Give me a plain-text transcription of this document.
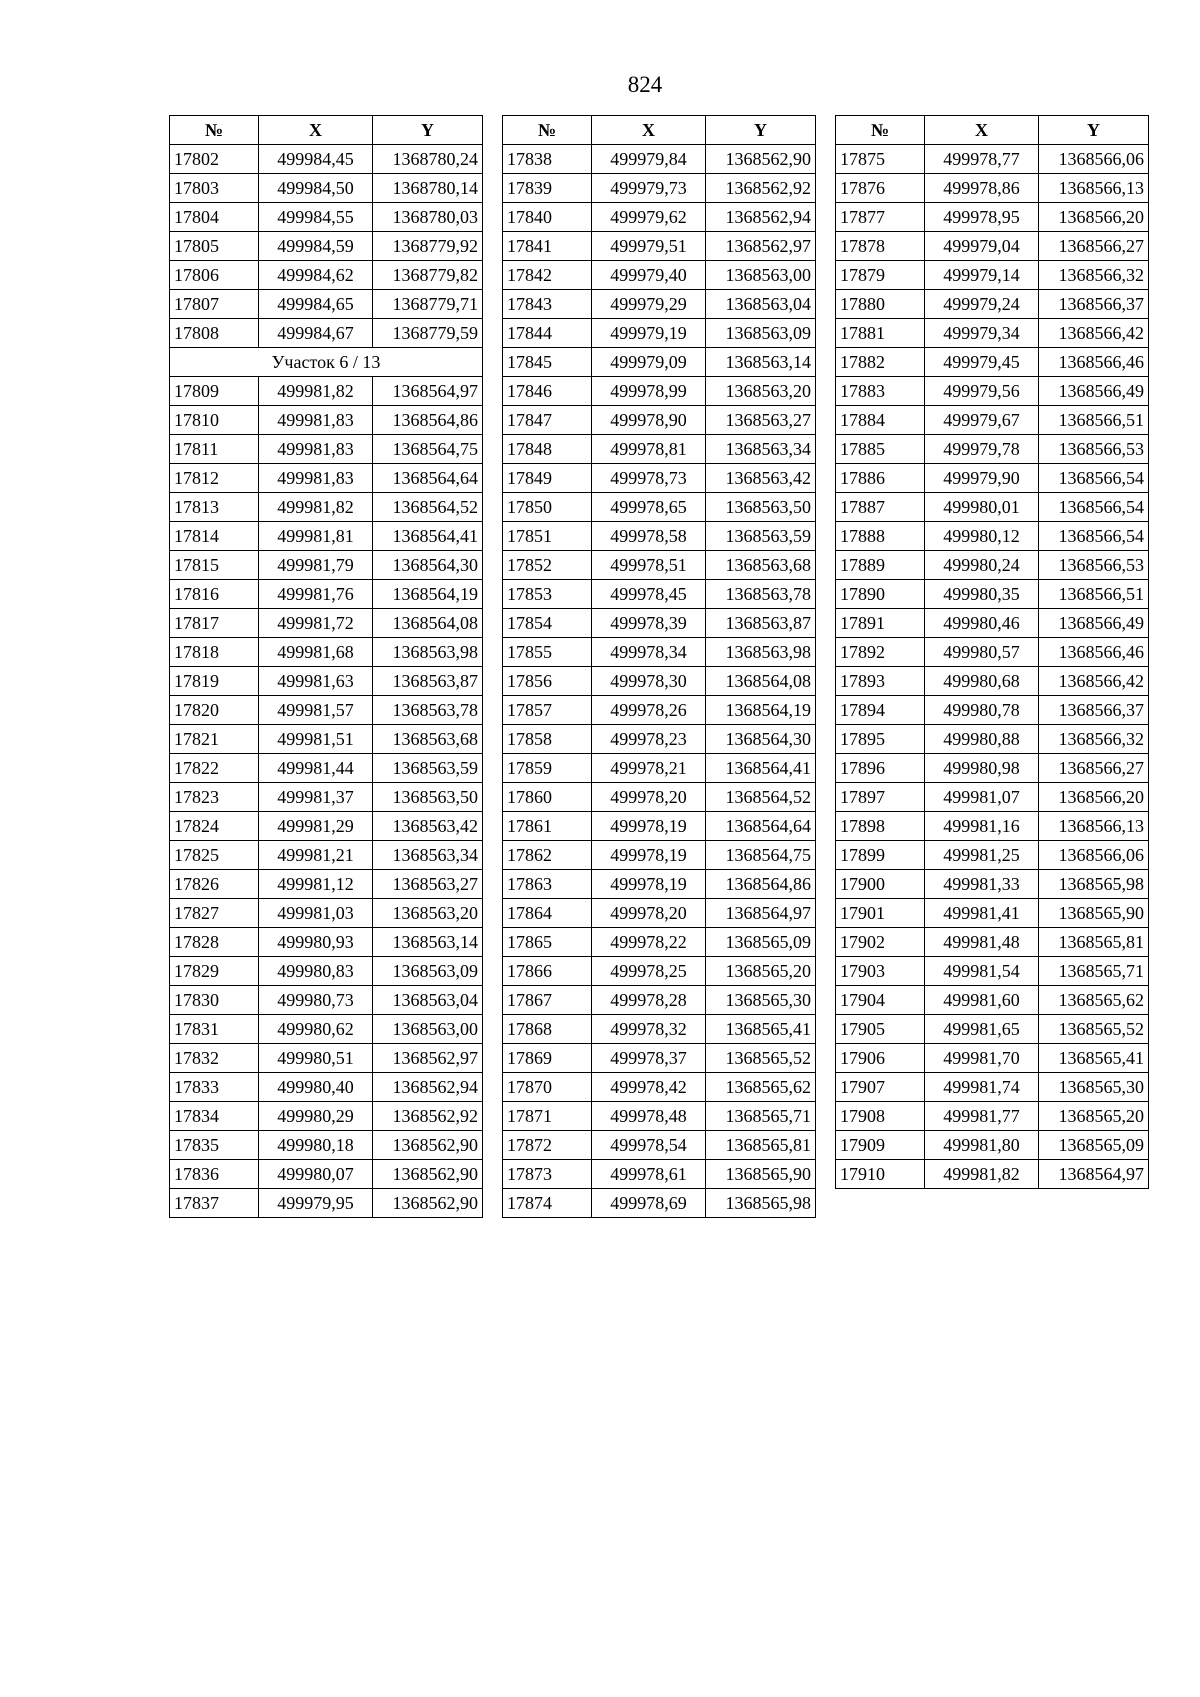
824
№	X	Y
17802	499984,45	1368780,24
17803	499984,50	1368780,14
17804	499984,55	1368780,03
17805	499984,59	1368779,92
17806	499984,62	1368779,82
17807	499984,65	1368779,71
17808	499984,67	1368779,59
Участок 6 / 13		
17809	499981,82	1368564,97
17810	499981,83	1368564,86
17811	499981,83	1368564,75
17812	499981,83	1368564,64
17813	499981,82	1368564,52
17814	499981,81	1368564,41
17815	499981,79	1368564,30
17816	499981,76	1368564,19
17817	499981,72	1368564,08
17818	499981,68	1368563,98
17819	499981,63	1368563,87
17820	499981,57	1368563,78
17821	499981,51	1368563,68
17822	499981,44	1368563,59
17823	499981,37	1368563,50
17824	499981,29	1368563,42
17825	499981,21	1368563,34
17826	499981,12	1368563,27
17827	499981,03	1368563,20
17828	499980,93	1368563,14
17829	499980,83	1368563,09
17830	499980,73	1368563,04
17831	499980,62	1368563,00
17832	499980,51	1368562,97
17833	499980,40	1368562,94
17834	499980,29	1368562,92
17835	499980,18	1368562,90
17836	499980,07	1368562,90
17837	499979,95	1368562,90
№	X	Y
17838	499979,84	1368562,90
17839	499979,73	1368562,92
17840	499979,62	1368562,94
17841	499979,51	1368562,97
17842	499979,40	1368563,00
17843	499979,29	1368563,04
17844	499979,19	1368563,09
17845	499979,09	1368563,14
17846	499978,99	1368563,20
17847	499978,90	1368563,27
17848	499978,81	1368563,34
17849	499978,73	1368563,42
17850	499978,65	1368563,50
17851	499978,58	1368563,59
17852	499978,51	1368563,68
17853	499978,45	1368563,78
17854	499978,39	1368563,87
17855	499978,34	1368563,98
17856	499978,30	1368564,08
17857	499978,26	1368564,19
17858	499978,23	1368564,30
17859	499978,21	1368564,41
17860	499978,20	1368564,52
17861	499978,19	1368564,64
17862	499978,19	1368564,75
17863	499978,19	1368564,86
17864	499978,20	1368564,97
17865	499978,22	1368565,09
17866	499978,25	1368565,20
17867	499978,28	1368565,30
17868	499978,32	1368565,41
17869	499978,37	1368565,52
17870	499978,42	1368565,62
17871	499978,48	1368565,71
17872	499978,54	1368565,81
17873	499978,61	1368565,90
17874	499978,69	1368565,98
№	X	Y
17875	499978,77	1368566,06
17876	499978,86	1368566,13
17877	499978,95	1368566,20
17878	499979,04	1368566,27
17879	499979,14	1368566,32
17880	499979,24	1368566,37
17881	499979,34	1368566,42
17882	499979,45	1368566,46
17883	499979,56	1368566,49
17884	499979,67	1368566,51
17885	499979,78	1368566,53
17886	499979,90	1368566,54
17887	499980,01	1368566,54
17888	499980,12	1368566,54
17889	499980,24	1368566,53
17890	499980,35	1368566,51
17891	499980,46	1368566,49
17892	499980,57	1368566,46
17893	499980,68	1368566,42
17894	499980,78	1368566,37
17895	499980,88	1368566,32
17896	499980,98	1368566,27
17897	499981,07	1368566,20
17898	499981,16	1368566,13
17899	499981,25	1368566,06
17900	499981,33	1368565,98
17901	499981,41	1368565,90
17902	499981,48	1368565,81
17903	499981,54	1368565,71
17904	499981,60	1368565,62
17905	499981,65	1368565,52
17906	499981,70	1368565,41
17907	499981,74	1368565,30
17908	499981,77	1368565,20
17909	499981,80	1368565,09
17910	499981,82	1368564,97
